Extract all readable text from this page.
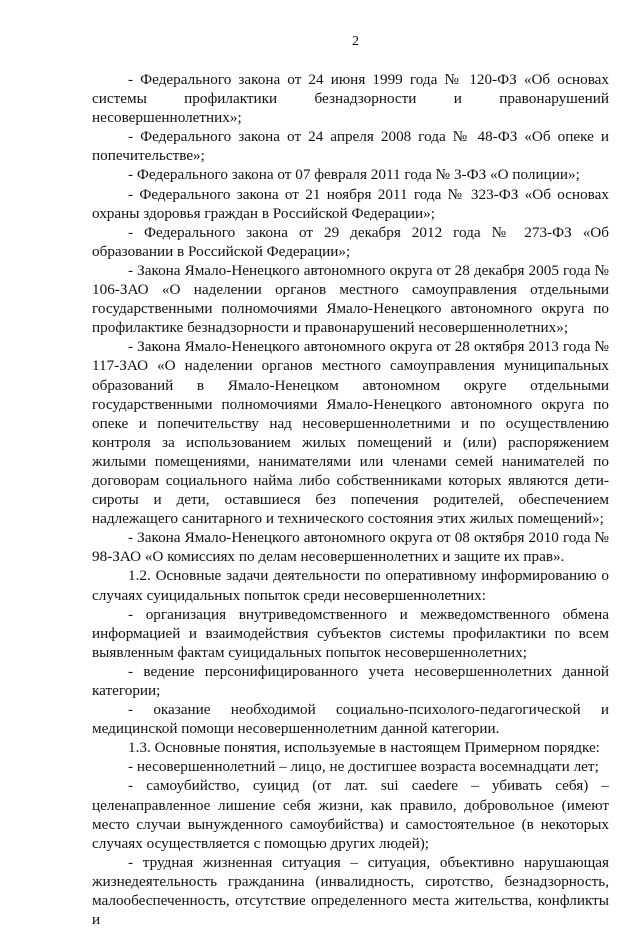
2

- Федерального закона от 24 июня 1999 года № 120-ФЗ «Об основах системы профилактики безнадзорности и правонарушений несовершеннолетних»;

- Федерального закона от 24 апреля 2008 года № 48-ФЗ «Об опеке и попечительстве»;

- Федерального закона от 07 февраля 2011 года № 3-ФЗ «О полиции»;

- Федерального закона от 21 ноября 2011 года № 323-ФЗ «Об основах охраны здоровья граждан в Российской Федерации»;

- Федерального закона от 29 декабря 2012 года № 273-ФЗ «Об образовании в Российской Федерации»;

- Закона Ямало-Ненецкого автономного округа от 28 декабря 2005 года № 106-ЗАО «О наделении органов местного самоуправления отдельными государственными полномочиями Ямало-Ненецкого автономного округа по профилактике безнадзорности и правонарушений несовершеннолетних»;

- Закона Ямало-Ненецкого автономного округа от 28 октября 2013 года № 117-ЗАО «О наделении органов местного самоуправления муниципальных образований в Ямало-Ненецком автономном округе отдельными государственными полномочиями Ямало-Ненецкого автономного округа по опеке и попечительству над несовершеннолетними и по осуществлению контроля за использованием жилых помещений и (или) распоряжением жилыми помещениями, нанимателями или членами семей нанимателей по договорам социального найма либо собственниками которых являются дети-сироты и дети, оставшиеся без попечения родителей, обеспечением надлежащего санитарного и технического состояния этих жилых помещений»;

- Закона Ямало-Ненецкого автономного округа от 08 октября 2010 года № 98-ЗАО «О комиссиях по делам несовершеннолетних и защите их прав».

1.2. Основные задачи деятельности по оперативному информированию о случаях суицидальных попыток среди несовершеннолетних:

- организация внутриведомственного и межведомственного обмена информацией и взаимодействия субъектов системы профилактики по всем выявленным фактам суицидальных попыток несовершеннолетних;

- ведение персонифицированного учета несовершеннолетних данной категории;

- оказание необходимой социально-психолого-педагогической и медицинской помощи несовершеннолетним данной категории.

1.3. Основные понятия, используемые в настоящем Примерном порядке:

- несовершеннолетний – лицо, не достигшее возраста восемнадцати лет;

- самоубийство, суицид (от лат. sui caedere – убивать себя) – целенаправленное лишение себя жизни, как правило, добровольное (имеют место случаи вынужденного самоубийства) и самостоятельное (в некоторых случаях осуществляется с помощью других людей);

- трудная жизненная ситуация – ситуация, объективно нарушающая жизнедеятельность гражданина (инвалидность, сиротство, безнадзорность, малообеспеченность, отсутствие определенного места жительства, конфликты и
